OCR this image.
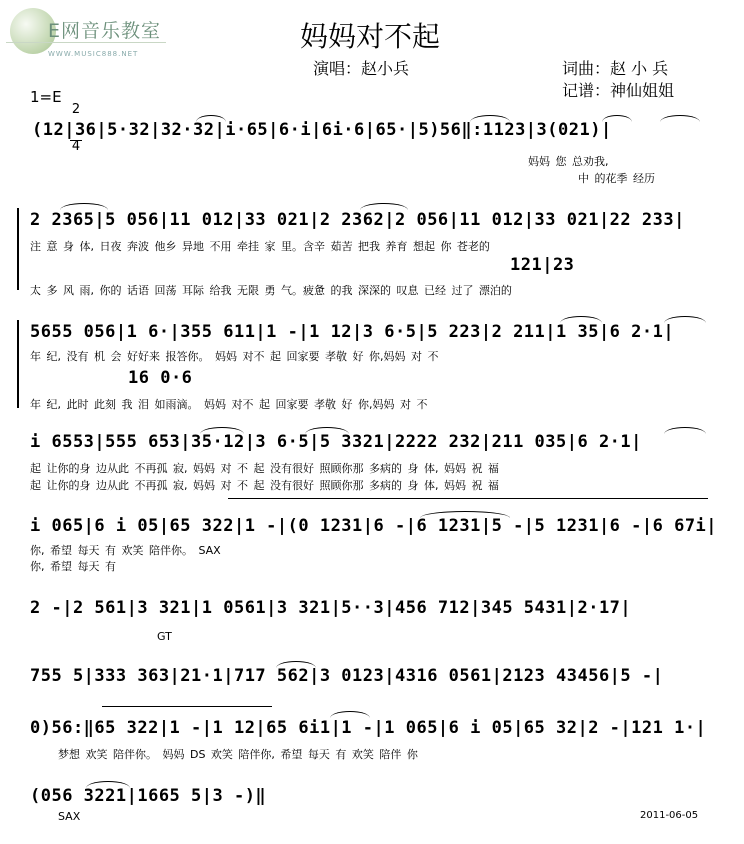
E网音乐教室

WWW.MUSIC888.NET

妈妈对不起
演唱：赵小兵	词曲：赵 小 兵
记谱：神仙姐姐
1=E

2

4

(12|36|5·32|32·32|i·65|6·i|6i·6|65·|5)56‖:1123|3(021)|
妈妈 您 总劝我,
中 的花季 经历
2 2365|5 056|11 012|33 021|2 2362|2 056|11 012|33 021|22 233|
注 意 身 体, 日夜 奔波 他乡 异地 不用 牵挂 家 里。含辛 茹苦 把我 养育 想起 你 苍老的
121|23
太 多 风 雨, 你的 话语 回荡 耳际 给我 无限 勇 气。疲惫 的我 深深的 叹息 已经 过了 漂泊的
5655 056|1 6·|355 611|1 -|1 12|3 6·5|5 223|2 211|1 35|6 2·1|
年 纪, 没有 机 会 好好来 报答你。 妈妈 对不 起 回家要 孝敬 好 你,妈妈 对 不
16 0·6
年 纪, 此时 此刻 我 泪 如雨滴。 妈妈 对不 起 回家要 孝敬 好 你,妈妈 对 不
i 6553|555 653|35·12|3 6·5|5 3321|2222 232|211 035|6 2·1|
起 让你的身 边从此 不再孤 寂, 妈妈 对 不 起 没有很好 照顾你那 多病的 身 体, 妈妈 祝 福
起 让你的身 边从此 不再孤 寂, 妈妈 对 不 起 没有很好 照顾你那 多病的 身 体, 妈妈 祝 福
i 065|6 i 05|65 322|1 -|(0 1231|6 -|6 1231|5 -|5 1231|6 -|6 67i|
你, 希望 每天 有 欢笑 陪伴你。 SAX
你, 希望 每天 有
2 -|2 561|3 321|1 0561|3 321|5··3|456 712|345 5431|2·17|
GT
755 5|333 363|21·1|717 562|3 0123|4316 0561|2123 43456|5 -|
0)56:‖65 322|1 -|1 12|65 6i1|1 -|1 065|6 i 05|65 32|2 -|121 1·|
梦想 欢笑 陪伴你。 妈妈 DS 欢笑 陪伴你, 希望 每天 有 欢笑 陪伴 你
(056 3221|1665 5|3 -)‖
SAX	2011-06-05
